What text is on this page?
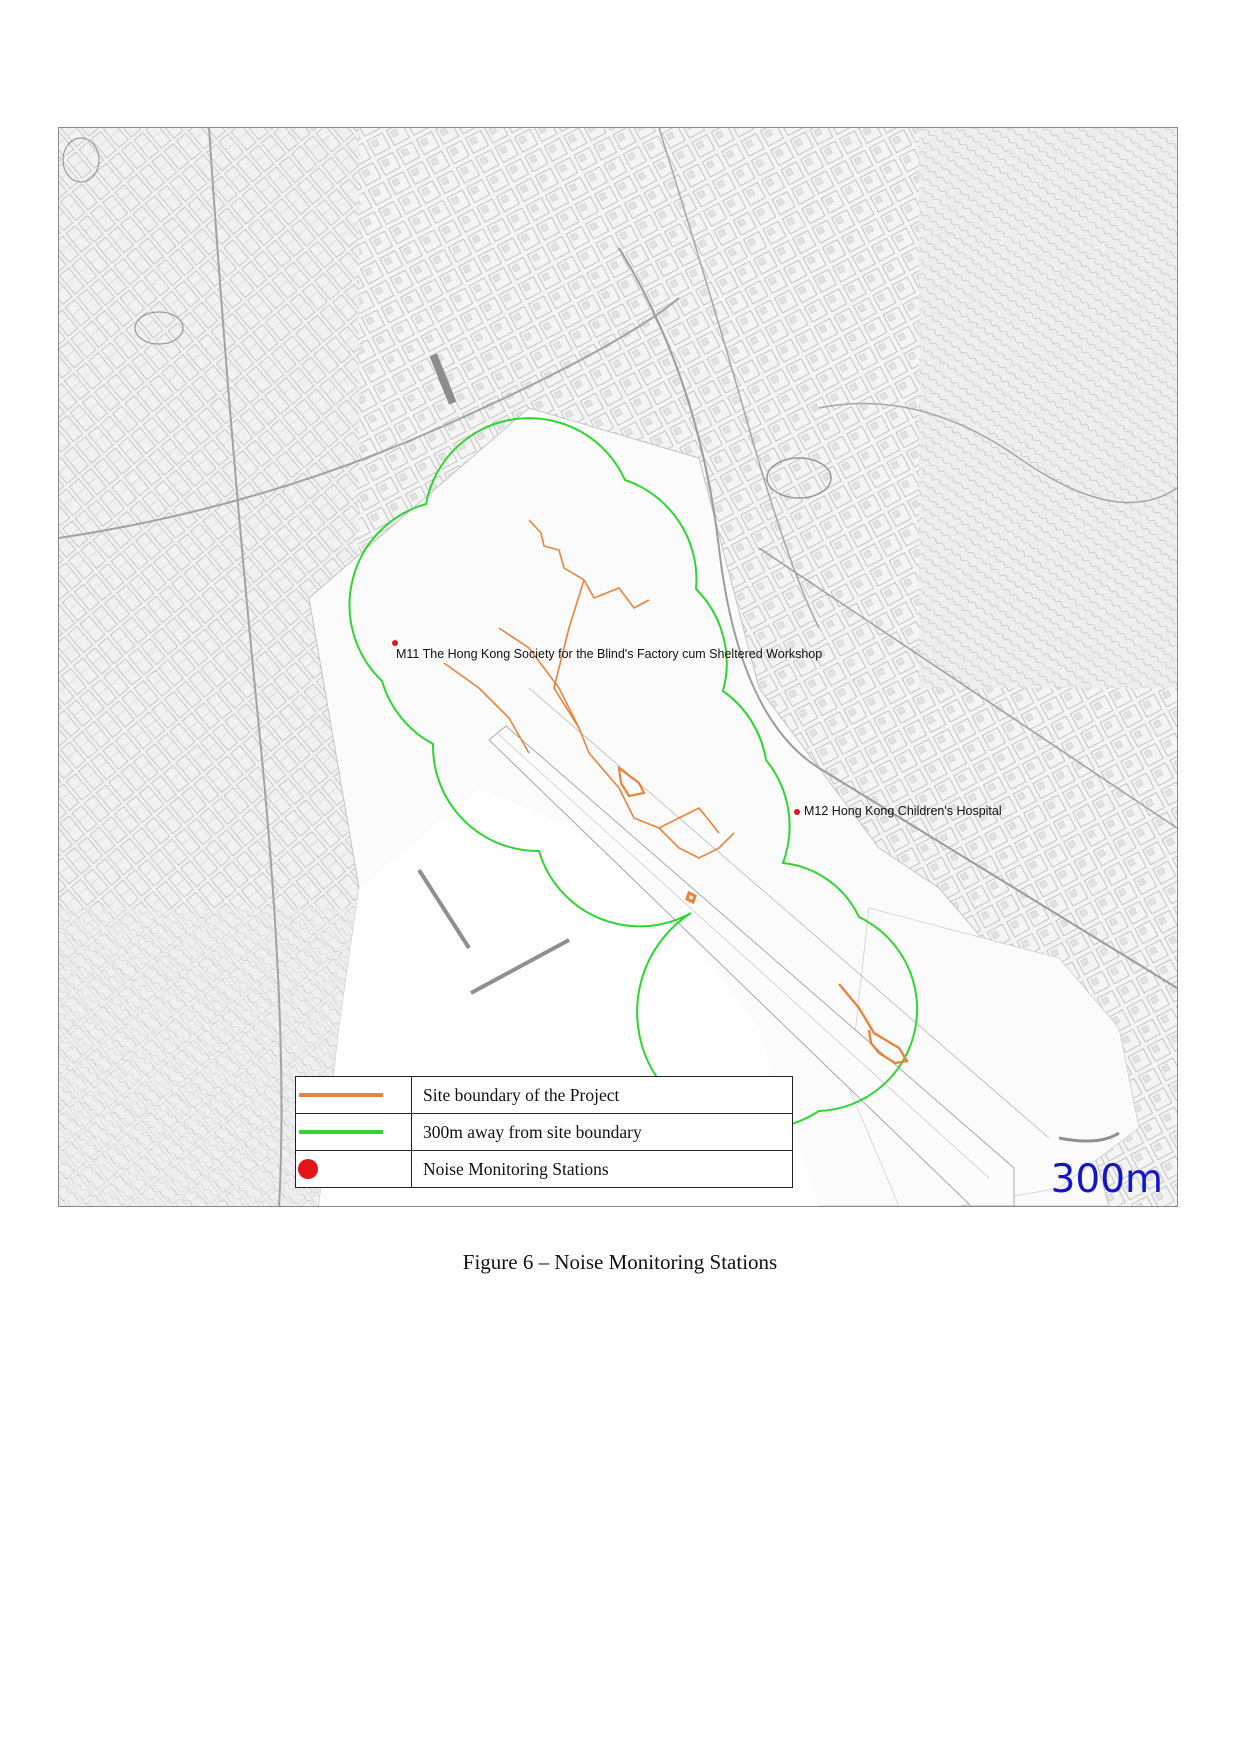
M11 The Hong Kong Society for the Blind's Factory cum Sheltered Workshop
M12 Hong Kong Children's Hospital
	Site boundary of the Project

	300m away from site boundary

	Noise Monitoring Stations	300m
Figure 6 – Noise Monitoring Stations
